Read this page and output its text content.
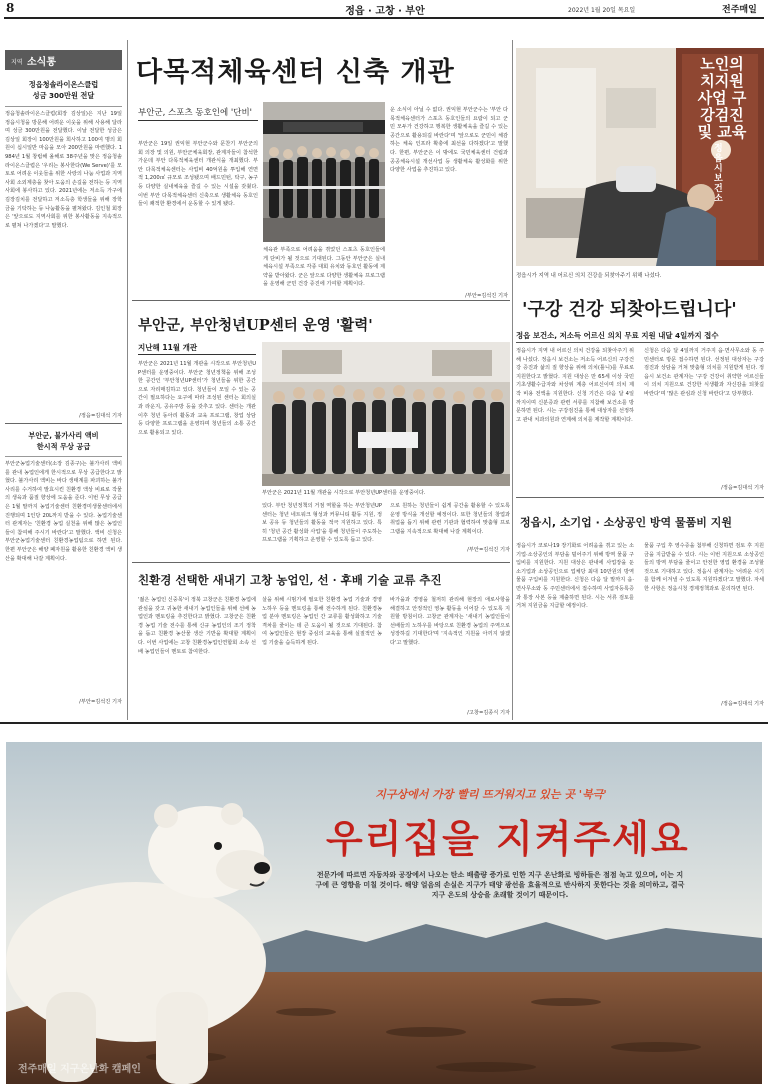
8	정읍 · 고창 · 부안	2022년 1월 20일 목요일	전주매일
지역 소식통
정읍청솔라이온스클럽
성금 300만원 전달
정읍청솔라이온스클럽(회장 김상일)은 지난 19일 정읍시청을 방문해 어려운 이웃을 위해 사용해 달라며 성금 300만원을 전달했다. 이날 전달한 성금은 김상일 회장이 100만원을 희사하고 100여 명의 회원이 십시일반 마음을 모아 200만원을 마련했다. 1984년 1월 창립해 올해로 38주년을 맞은 정읍청솔라이온스클럽은 '우리는 봉사한다(We Serve)'를 모토로 어려운 이웃들을 위한 사랑의 나눔 사업과 지역 사회 소외계층을 찾아 도움의 손길을 전하는 등 지역사회에 봉사하고 있다. 2021년에는 저소득 가구에 김장김치를 전달하고 저소득층 학생들을 위해 장학금을 기탁하는 등 나눔활동을 펼쳐왔다. 김인철 회장은 '앞으로도 지역사회를 위한 봉사활동을 지속적으로 펼쳐 나가겠다'고 말했다.
/정읍=김대석 기자
부안군, 불가사리 액비
한시적 무상 공급
부안군농업기술센터(소장 김종구)는 불가사리 액비를 관내 농업인에게 한시적으로 무상 공급한다고 밝혔다. 불가사리 액비는 바다 생태계를 파괴하는 불가사리를 수거하여 발효시킨 친환경 액상 비료로 작물의 생육과 품질 향상에 도움을 준다. 이번 무상 공급은 1월 말까지 농업기술센터 친환경미생물센터에서 진행되며 1인당 20L까지 받을 수 있다. 농업기술센터 관계자는 '친환경 농업 실천을 위해 많은 농업인들이 참여해 주시기 바란다'고 말했다. 액비 신청은 부안군농업기술센터 친환경농업팀으로 하면 된다. 한편 부안군은 해양 폐자원을 활용한 친환경 액비 생산을 확대해 나갈 계획이다.
/부안=김석진 기자
다목적체육센터 신축 개관
부안군, 스포츠 동호인에 '단비'
부안군은 19일 권익현 부안군수와 문찬기 부안군의회 의장 및 의원, 부안군체육회장, 관계자들이 참석한 가운데 부안 다목적체육센터 개관식을 개최했다. 부안 다목적체육센터는 사업비 40억원을 투입해 연면적 1,200㎡ 규모로 조성됐으며 배드민턴, 탁구, 농구 등 다양한 실내체육을 즐길 수 있는 시설을 갖췄다. 이번 부안 다목적체육센터 신축으로 생활체육 동호인들이 쾌적한 환경에서 운동할 수 있게 됐다.
체육관 부족으로 어려움을 겪었던 스포츠 동호인들에게 단비가 될 것으로 기대된다. 그동안 부안군은 실내 체육시설 부족으로 각종 대회 유치와 동호인 활동에 제약을 받아왔다. 군은 앞으로 다양한 생활체육 프로그램을 운영해 군민 건강 증진에 기여할 계획이다.
운 소식이 아닐 수 없다. 권익현 부안군수는 '부안 다목적체육센터가 스포츠 동호인들의 요람이 되고 군민 모두가 건강하고 행복한 생활체육을 즐길 수 있는 공간으로 활용되길 바란다'며 '앞으로도 군민이 체감하는 체육 인프라 확충에 최선을 다하겠다'고 말했다. 한편, 부안군은 이 밖에도 국민체육센터 건립과 공공체육시설 개선사업 등 생활체육 활성화를 위한 다양한 사업을 추진하고 있다.
/부안=김석진 기자
노인의치지원사업 구강검진 및 교육
정읍시보건소
정읍시가 지역 내 어르신 의치 건강을 되찾아주기 위해 나섰다.
'구강 건강 되찾아드립니다'
정읍 보건소, 저소득 어르신 의치 무료 지원 내달 4일까지 접수
정읍시가 지역 내 어르신 의치 건강을 되찾아주기 위해 나섰다. 정읍시 보건소는 저소득 어르신의 구강건강 증진과 삶의 질 향상을 위해 의치(틀니)를 무료로 지원한다고 밝혔다. 지원 대상은 만 65세 이상 국민기초생활수급자와 차상위 계층 어르신이며 의치 제작 비용 전액을 지원한다. 신청 기간은 다음 달 4일까지이며 신분증과 관련 서류를 지참해 보건소를 방문하면 된다. 시는 구강검진을 통해 대상자를 선정하고 관내 치과의원과 연계해 의치를 제작할 계획이다.
신청은 다음 달 4일까지 거주지 읍·면사무소와 동 주민센터로 방문 접수하면 된다. 선정된 대상자는 구강 검진과 상담을 거쳐 맞춤형 의치를 지원받게 된다. 정읍시 보건소 관계자는 '구강 건강이 취약한 어르신들이 의치 지원으로 건강한 식생활과 자신감을 되찾길 바란다'며 '많은 관심과 신청 바란다'고 당부했다.
/정읍=김대석 기자
부안군, 부안청년UP센터 운영 '활력'
지난해 11월 개관
부안군은 2021년 11월 개관을 시작으로 부안청년UP센터를 운영중이다. 부안군 청년정책을 위해 조성한 공간인 '부안청년UP센터'가 청년들을 위한 공간으로 자리매김하고 있다. 청년들이 모일 수 있는 공간이 필요하다는 요구에 따라 조성된 센터는 회의실과 라운지, 공유주방 등을 갖추고 있다. 센터는 개관 이후 청년 동아리 활동과 교육 프로그램, 창업 상담 등 다양한 프로그램을 운영하며 청년들의 소통 공간으로 활용되고 있다.
부안군은 2021년 11월 개관을 시작으로 부안청년UP센터를 운영중이다.
있다. 부안 청년정책의 거점 역할을 하는 부안청년UP센터는 청년 네트워크 형성과 커뮤니티 활동 지원, 정보 공유 등 청년들의 활동을 적극 지원하고 있다. 특히 '청년 공간 활성화 사업'을 통해 청년들이 주도하는 프로그램을 기획하고 운영할 수 있도록 돕고 있다.
으로 원하는 청년들이 쉽게 공간을 활용할 수 있도록 운영 방식을 개선할 예정이다. 또한 청년들의 창업과 취업을 돕기 위해 관련 기관과 협력하여 맞춤형 프로그램을 지속적으로 확대해 나갈 계획이다.
/부안=김석진 기자
정읍시, 소기업 · 소상공인 방역 물품비 지원
정읍시가 코로나19 장기화로 어려움을 겪고 있는 소기업·소상공인의 부담을 덜어주기 위해 방역 물품 구입비를 지원한다. 지원 대상은 관내에 사업장을 둔 소기업과 소상공인으로 업체당 최대 10만원의 방역 물품 구입비를 지원한다. 신청은 다음 달 말까지 읍·면사무소와 동 주민센터에서 접수하며 사업자등록증과 통장 사본 등을 제출하면 된다. 시는 서류 검토를 거쳐 지원금을 지급할 예정이다.
물품 구입 후 영수증을 첨부해 신청하면 검토 후 지원금을 지급받을 수 있다. 시는 이번 지원으로 소상공인들의 방역 부담을 줄이고 안전한 영업 환경을 조성할 것으로 기대하고 있다. 정읍시 관계자는 '어려운 시기를 함께 이겨낼 수 있도록 지원하겠다'고 말했다. 자세한 사항은 정읍시청 경제정책과로 문의하면 된다.
/정읍=김대석 기자
친환경 선택한 새내기 고창 농업인, 선 · 후배 기술 교류 추진
'젊은 농업인 신중목'이 정북 고창군은 친환경 농업에 관심을 갖고 귀농한 새내기 농업인들을 위해 선배 농업인과 멘토링을 추진한다고 밝혔다. 고창군은 친환경 농업 기술 전수를 통해 신규 농업인의 조기 정착을 돕고 친환경 농산물 생산 기반을 확대할 계획이다. 이번 사업에는 고창 친환경농업인연합회 소속 선배 농업인들이 멘토로 참여한다.
살을 위해 시범기에 필요한 친환경 농업 기술과 경영 노하우 등을 멘토링을 통해 전수하게 된다. 친환경농업 분야 멘토링은 농업인 간 교류를 활성화하고 기술 격차를 줄이는 데 큰 도움이 될 것으로 기대된다. 참여 농업인들은 현장 중심의 교육을 통해 실질적인 농업 기술을 습득하게 된다.
바가을과 경영을 철저히 관리해 현장의 애로사항을 해결하고 안정적인 영농 활동을 이어갈 수 있도록 지원할 방침이다. 고창군 관계자는 '새내기 농업인들이 선배들의 노하우를 바탕으로 친환경 농업의 주역으로 성장하길 기대한다'며 '지속적인 지원을 아끼지 않겠다'고 말했다.
/고창=김종식 기자
지구상에서 가장 빨리 뜨거워지고 있는 곳 '북극'
우리집을 지켜주세요
전문가에 따르면 자동차와 공장에서 나오는 탄소 배출량 증가로 인한 지구 온난화로 빙하들은 점점 녹고 있으며, 이는 지구에 큰 영향을 미칠 것이다. 해양 얼음의 손실은 지구가 태양 광선을 효율적으로 반사하지 못한다는 것을 의미하고, 결국 지구 온도의 상승을 초래할 것이기 때문이다.
전주매일 지구온난화 캠페인
